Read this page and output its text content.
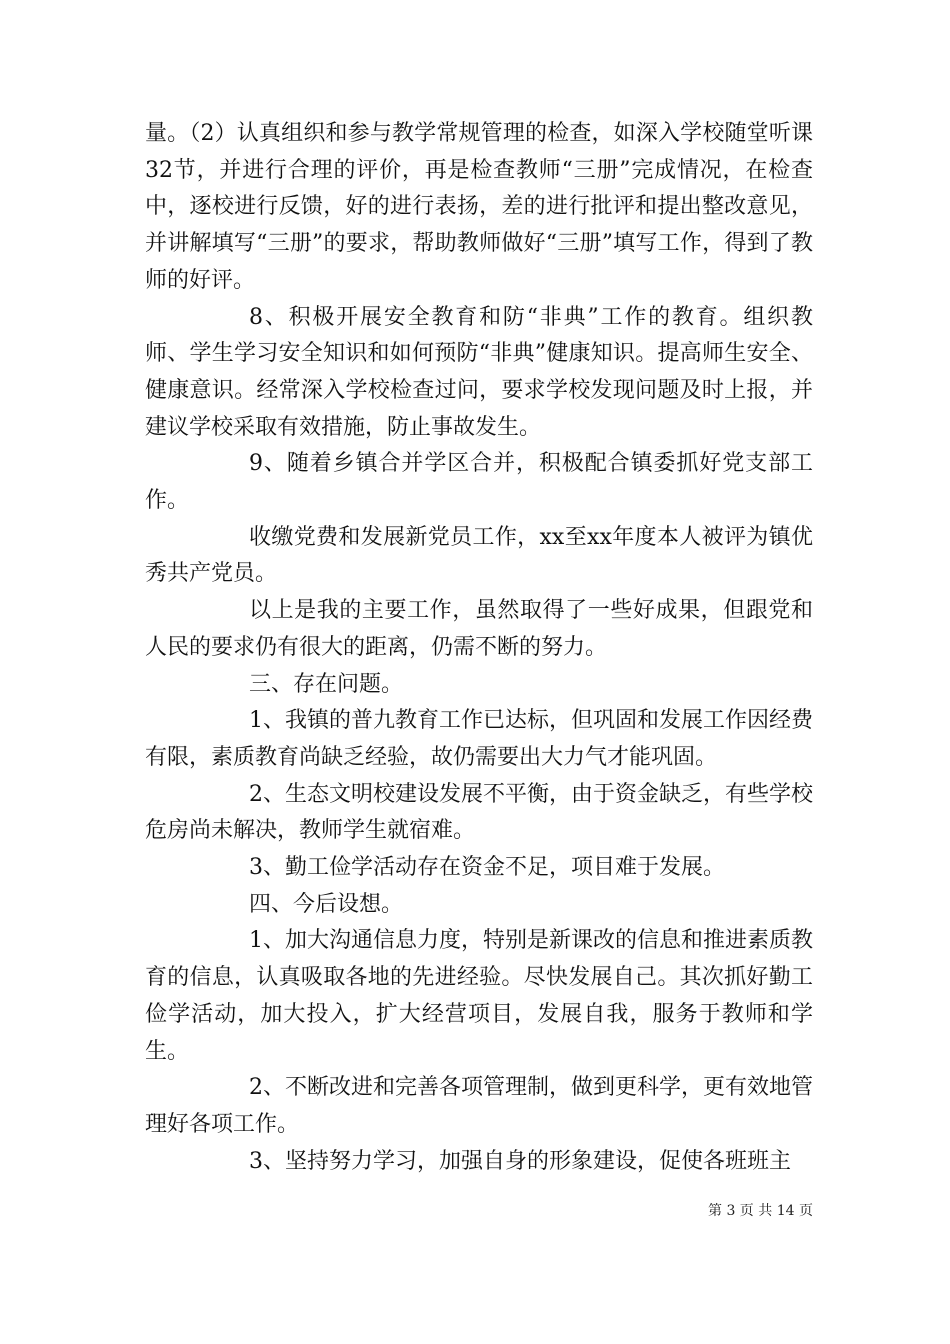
量。（2）认真组织和参与教学常规管理的检查，如深入学校随堂听课32节，并进行合理的评价，再是检查教师“三册”完成情况，在检查中，逐校进行反馈，好的进行表扬，差的进行批评和提出整改意见，并讲解填写“三册”的要求，帮助教师做好“三册”填写工作，得到了教师的好评。

8、积极开展安全教育和防“非典”工作的教育。组织教师、学生学习安全知识和如何预防“非典”健康知识。提高师生安全、健康意识。经常深入学校检查过问，要求学校发现问题及时上报，并建议学校采取有效措施，防止事故发生。

9、随着乡镇合并学区合并，积极配合镇委抓好党支部工作。

收缴党费和发展新党员工作，xx至xx年度本人被评为镇优秀共产党员。

以上是我的主要工作，虽然取得了一些好成果，但跟党和人民的要求仍有很大的距离，仍需不断的努力。

三、存在问题。

1、我镇的普九教育工作已达标，但巩固和发展工作因经费有限，素质教育尚缺乏经验，故仍需要出大力气才能巩固。

2、生态文明校建设发展不平衡，由于资金缺乏，有些学校危房尚未解决，教师学生就宿难。

3、勤工俭学活动存在资金不足，项目难于发展。

四、今后设想。

1、加大沟通信息力度，特别是新课改的信息和推进素质教育的信息，认真吸取各地的先进经验。尽快发展自己。其次抓好勤工俭学活动，加大投入，扩大经营项目，发展自我，服务于教师和学生。

2、不断改进和完善各项管理制，做到更科学，更有效地管理好各项工作。

3、坚持努力学习，加强自身的形象建设，促使各班班主

第 3 页 共 14 页
